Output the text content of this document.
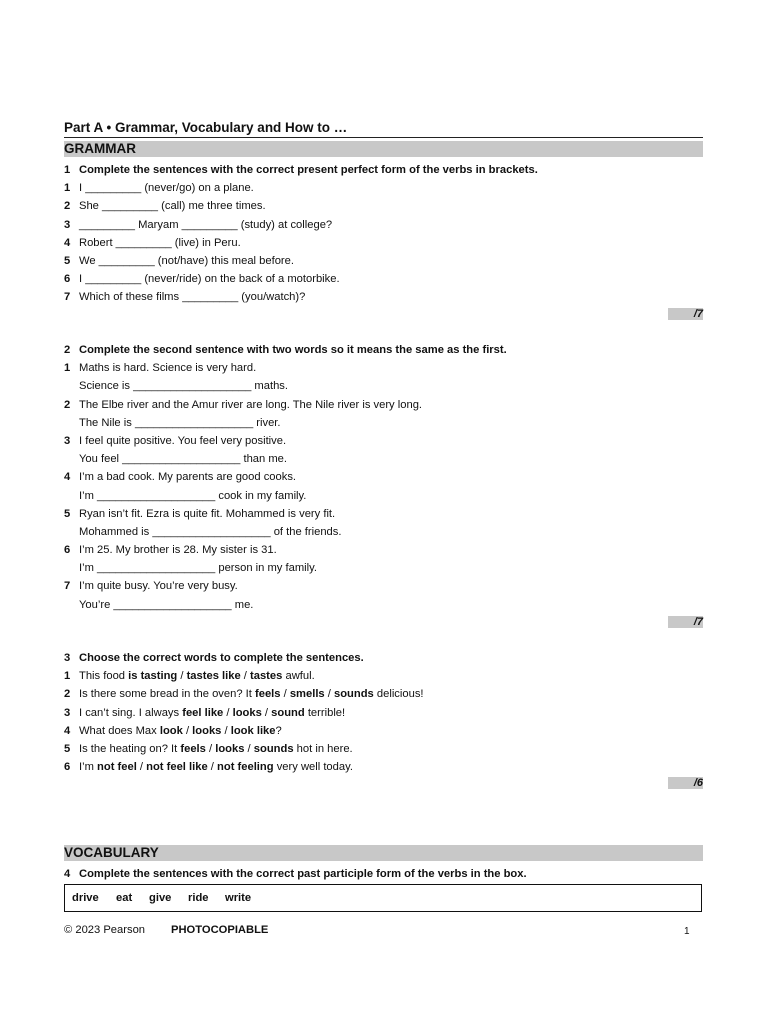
Part A • Grammar, Vocabulary and How to …
GRAMMAR
1 Complete the sentences with the correct present perfect form of the verbs in brackets.
1 I _________ (never/go) on a plane.
2 She _________ (call) me three times.
3 _________ Maryam _________ (study) at college?
4 Robert _________ (live) in Peru.
5 We _________ (not/have) this meal before.
6 I _________ (never/ride) on the back of a motorbike.
7 Which of these films _________ (you/watch)?
/7
2 Complete the second sentence with two words so it means the same as the first.
1 Maths is hard. Science is very hard.
Science is ___________________ maths.
2 The Elbe river and the Amur river are long. The Nile river is very long.
The Nile is ___________________ river.
3 I feel quite positive. You feel very positive.
You feel ___________________ than me.
4 I’m a bad cook. My parents are good cooks.
I’m ___________________ cook in my family.
5 Ryan isn’t fit. Ezra is quite fit. Mohammed is very fit.
Mohammed is ___________________ of the friends.
6 I’m 25. My brother is 28. My sister is 31.
I’m ___________________ person in my family.
7 I’m quite busy. You’re very busy.
You’re ___________________ me.
/7
3 Choose the correct words to complete the sentences.
1 This food is tasting / tastes like / tastes awful.
2 Is there some bread in the oven? It feels / smells / sounds delicious!
3 I can’t sing. I always feel like / looks / sound terrible!
4 What does Max look / looks / look like?
5 Is the heating on? It feels / looks / sounds hot in here.
6 I’m not feel / not feel like / not feeling very well today.
/6
VOCABULARY
4 Complete the sentences with the correct past participle form of the verbs in the box.
drive eat give ride write
© 2023 Pearson PHOTOCOPIABLE	1
